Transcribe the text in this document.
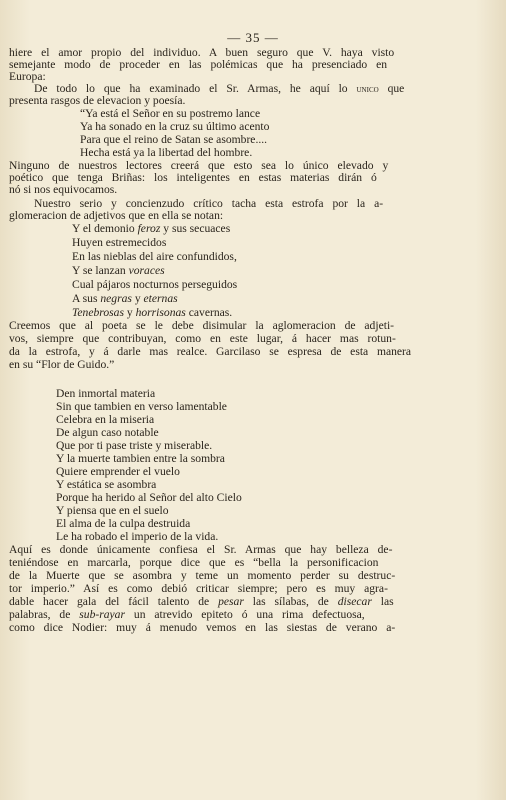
— 35 —
hiere el amor propio del individuo. A buen seguro que V. haya visto
semejante modo de proceder en las polémicas que ha presenciado en
Europa:
De todo lo que ha examinado el Sr. Armas, he aquí lo unico que
presenta rasgos de elevacion y poesía.
“Ya está el Señor en su postremo lance
Ya ha sonado en la cruz su último acento
Para que el reino de Satan se asombre....
Hecha está ya la libertad del hombre.
Ninguno de nuestros lectores creerá que esto sea lo único elevado y
poético que tenga Briñas: los inteligentes en estas materias dirán ó
nó si nos equivocamos.
Nuestro serio y concienzudo crítico tacha esta estrofa por la a-
glomeracion de adjetivos que en ella se notan:
Y el demonio feroz y sus secuaces
Huyen estremecidos
En las nieblas del aire confundidos,
Y se lanzan voraces
Cual pájaros nocturnos perseguidos
A sus negras y eternas
Tenebrosas y horrisonas cavernas.
Creemos que al poeta se le debe disimular la aglomeracion de adjeti-
vos, siempre que contribuyan, como en este lugar, á hacer mas rotun-
da la estrofa, y á darle mas realce. Garcilaso se espresa de esta manera
en su “Flor de Guido.”
Den inmortal materia
Sin que tambien en verso lamentable
Celebra en la miseria
De algun caso notable
Que por ti pase triste y miserable.
Y la muerte tambien entre la sombra
Quiere emprender el vuelo
Y estática se asombra
Porque ha herido al Señor del alto Cielo
Y piensa que en el suelo
El alma de la culpa destruida
Le ha robado el imperio de la vida.
Aquí es donde únicamente confiesa el Sr. Armas que hay belleza de-
teniéndose en marcarla, porque dice que es “bella la personificacion
de la Muerte que se asombra y teme un momento perder su destruc-
tor imperio.” Así es como debió criticar siempre; pero es muy agra-
dable hacer gala del fácil talento de pesar las sílabas, de disecar las
palabras, de sub-rayar un atrevido epiteto ó una rima defectuosa,
como dice Nodier: muy á menudo vemos en las siestas de verano a-
